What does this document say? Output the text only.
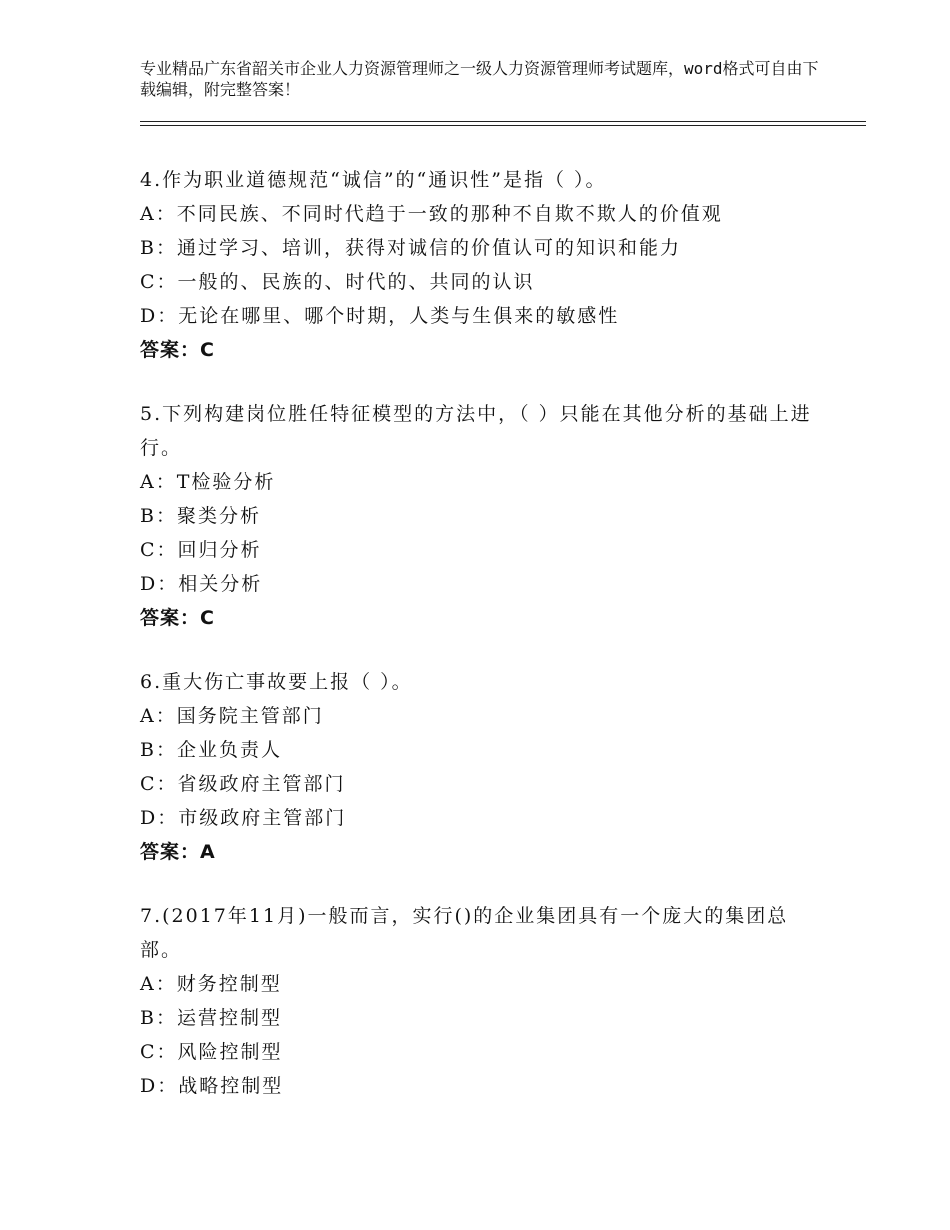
专业精品广东省韶关市企业人力资源管理师之一级人力资源管理师考试题库，word格式可自由下载编辑，附完整答案！

4.作为职业道德规范“诚信”的“通识性”是指（ ）。

A：不同民族、不同时代趋于一致的那种不自欺不欺人的价值观

B：通过学习、培训，获得对诚信的价值认可的知识和能力

C：一般的、民族的、时代的、共同的认识

D：无论在哪里、哪个时期，人类与生俱来的敏感性

答案：C

5.下列构建岗位胜任特征模型的方法中，（ ）只能在其他分析的基础上进行。

A：T检验分析

B：聚类分析

C：回归分析

D：相关分析

答案：C

6.重大伤亡事故要上报（ ）。

A：国务院主管部门

B：企业负责人

C：省级政府主管部门

D：市级政府主管部门

答案：A

7.(2017年11月)一般而言，实行()的企业集团具有一个庞大的集团总部。

A：财务控制型

B：运营控制型

C：风险控制型

D：战略控制型
